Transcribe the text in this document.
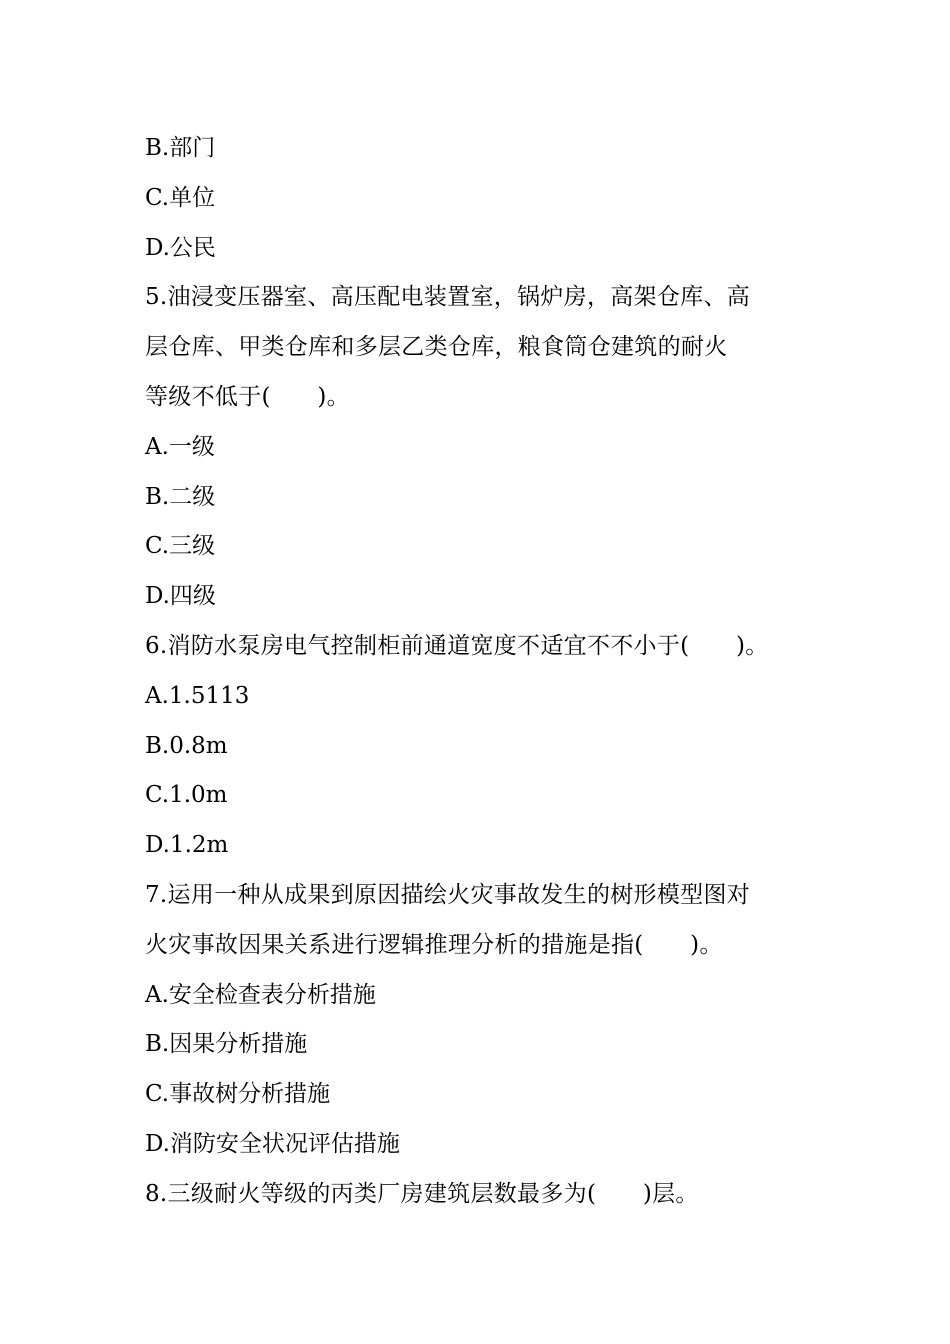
B.部门

C.单位

D.公民

5.油浸变压器室、高压配电装置室，锅炉房，高架仓库、高

层仓库、甲类仓库和多层乙类仓库，粮食筒仓建筑的耐火

等级不低于(　　)。

A.一级

B.二级

C.三级

D.四级

6.消防水泵房电气控制柜前通道宽度不适宜不不小于(　　)。

A.1.5113

B.0.8m

C.1.0m

D.1.2m

7.运用一种从成果到原因描绘火灾事故发生的树形模型图对

火灾事故因果关系进行逻辑推理分析的措施是指(　　)。

A.安全检查表分析措施

B.因果分析措施

C.事故树分析措施

D.消防安全状况评估措施

8.三级耐火等级的丙类厂房建筑层数最多为(　　)层。
